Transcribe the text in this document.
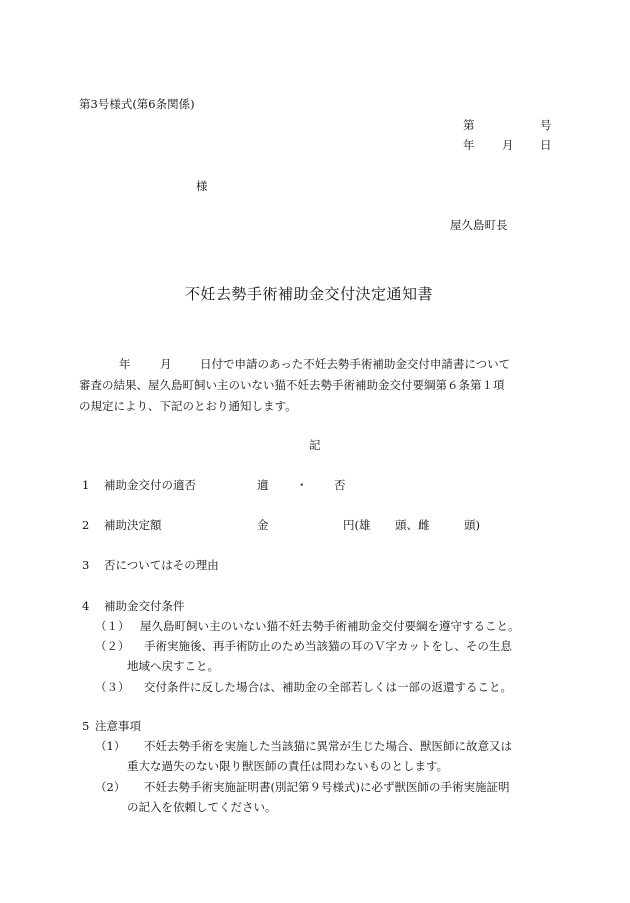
第3号様式(第6条関係)
第	号
年 月 日
様
屋久島町長
不妊去勢手術補助金交付決定通知書
年	月 日付で申請のあった不妊去勢手術補助金交付申請書について
審査の結果、屋久島町飼い主のいない猫不妊去勢手術補助金交付要綱第６条第１項
の規定により、下記のとおり通知します。
記
1 補助金交付の適否	適 ・ 否
2 補助決定額	金	円(雄 頭、雌	頭)
3 否についてはその理由
4 補助金交付条件
（１） 屋久島町飼い主のいない猫不妊去勢手術補助金交付要綱を遵守すること。
（２） 手術実施後、再手術防止のため当該猫の耳のＶ字カットをし、その生息
地域へ戻すこと。
（３） 交付条件に反した場合は、補助金の全部若しくは一部の返還すること。
5 注意事項
（1） 不妊去勢手術を実施した当該猫に異常が生じた場合、獣医師に故意又は
重大な過失のない限り獣医師の責任は問わないものとします。
（2） 不妊去勢手術実施証明書(別記第９号様式)に必ず獣医師の手術実施証明
の記入を依頼してください。
